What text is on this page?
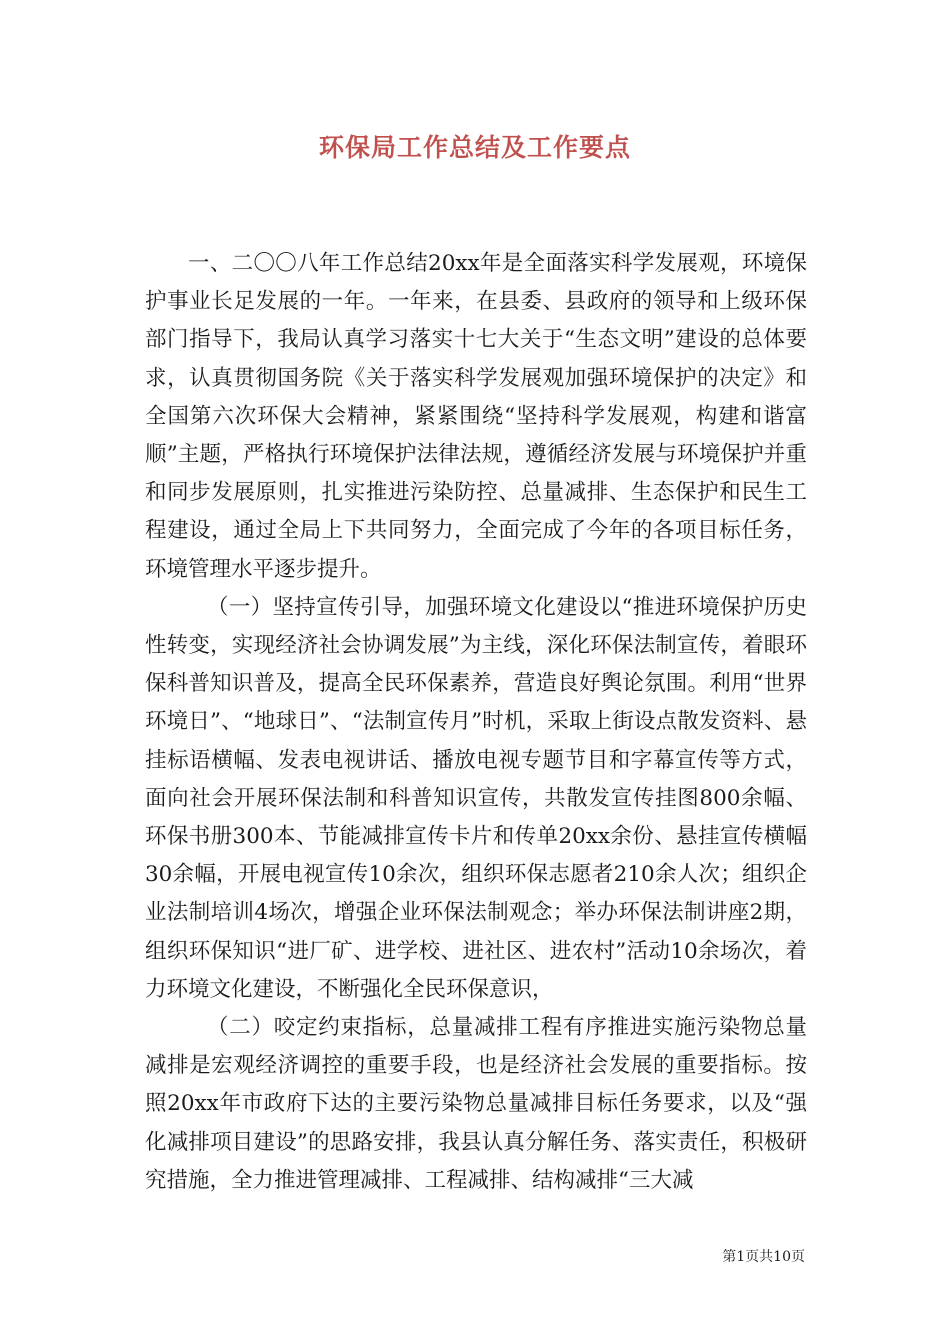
环保局工作总结及工作要点

一、二〇〇八年工作总结20xx年是全面落实科学发展观，环境保护事业长足发展的一年。一年来，在县委、县政府的领导和上级环保部门指导下，我局认真学习落实十七大关于“生态文明”建设的总体要求，认真贯彻国务院《关于落实科学发展观加强环境保护的决定》和全国第六次环保大会精神，紧紧围绕“坚持科学发展观，构建和谐富顺”主题，严格执行环境保护法律法规，遵循经济发展与环境保护并重和同步发展原则，扎实推进污染防控、总量减排、生态保护和民生工程建设，通过全局上下共同努力，全面完成了今年的各项目标任务，环境管理水平逐步提升。

（一）坚持宣传引导，加强环境文化建设以“推进环境保护历史性转变，实现经济社会协调发展”为主线，深化环保法制宣传，着眼环保科普知识普及，提高全民环保素养，营造良好舆论氛围。利用“世界环境日”、“地球日”、“法制宣传月”时机，采取上街设点散发资料、悬挂标语横幅、发表电视讲话、播放电视专题节目和字幕宣传等方式，面向社会开展环保法制和科普知识宣传，共散发宣传挂图800余幅、环保书册300本、节能减排宣传卡片和传单20xx余份、悬挂宣传横幅30余幅，开展电视宣传10余次，组织环保志愿者210余人次；组织企业法制培训4场次，增强企业环保法制观念；举办环保法制讲座2期，组织环保知识“进厂矿、进学校、进社区、进农村”活动10余场次，着力环境文化建设，不断强化全民环保意识，

（二）咬定约束指标，总量减排工程有序推进实施污染物总量减排是宏观经济调控的重要手段，也是经济社会发展的重要指标。按照20xx年市政府下达的主要污染物总量减排目标任务要求，以及“强化减排项目建设”的思路安排，我县认真分解任务、落实责任，积极研究措施，全力推进管理减排、工程减排、结构减排“三大减

第1页共10页
